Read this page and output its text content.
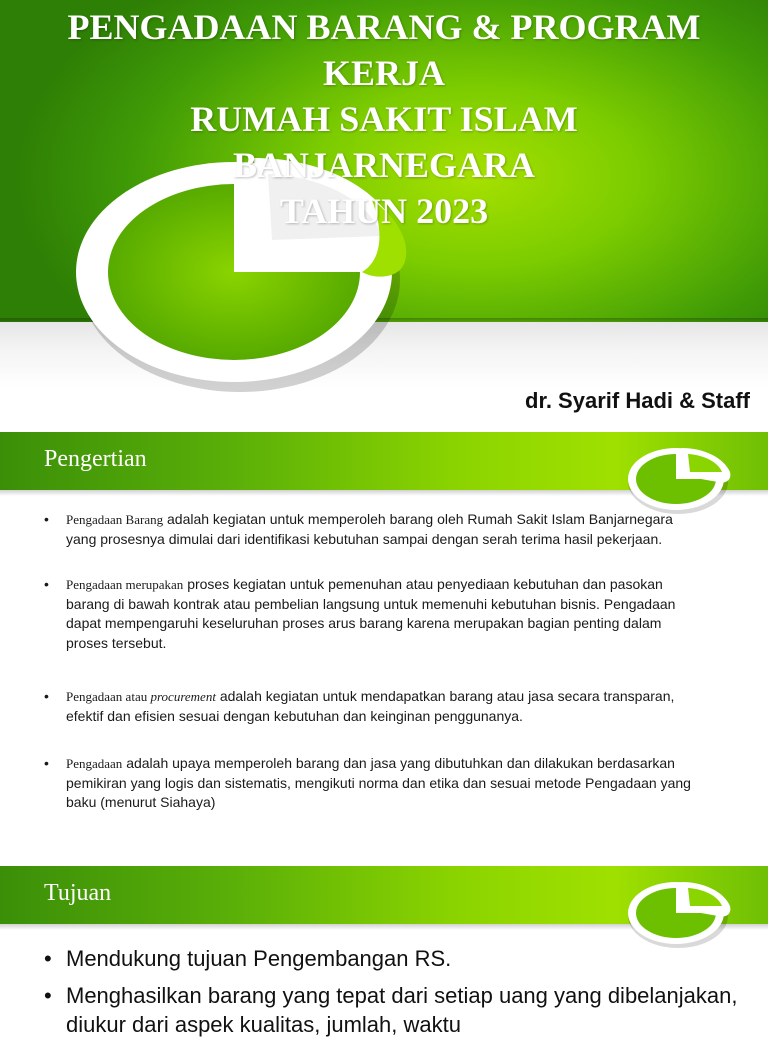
PENGADAAN BARANG & PROGRAM
KERJA
RUMAH SAKIT ISLAM
BANJARNEGARA
TAHUN 2023

dr. Syarif Hadi & Staff

Pengertian
• Pengadaan Barang adalah kegiatan untuk memperoleh barang oleh Rumah Sakit Islam Banjarnegara yang prosesnya dimulai dari identifikasi kebutuhan sampai dengan serah terima hasil pekerjaan.
• Pengadaan merupakan proses kegiatan untuk pemenuhan atau penyediaan kebutuhan dan pasokan barang di bawah kontrak atau pembelian langsung untuk memenuhi kebutuhan bisnis. Pengadaan dapat mempengaruhi keseluruhan proses arus barang karena merupakan bagian penting dalam proses tersebut.
• Pengadaan atau procurement adalah kegiatan untuk mendapatkan barang atau jasa secara transparan, efektif dan efisien sesuai dengan kebutuhan dan keinginan penggunanya.
• Pengadaan adalah upaya memperoleh barang dan jasa yang dibutuhkan dan dilakukan berdasarkan pemikiran yang logis dan sistematis, mengikuti norma dan etika dan sesuai metode Pengadaan yang baku (menurut Siahaya)
Tujuan
• Mendukung tujuan Pengembangan RS.
• Menghasilkan barang yang tepat dari setiap uang yang dibelanjakan, diukur dari aspek kualitas, jumlah, waktu
